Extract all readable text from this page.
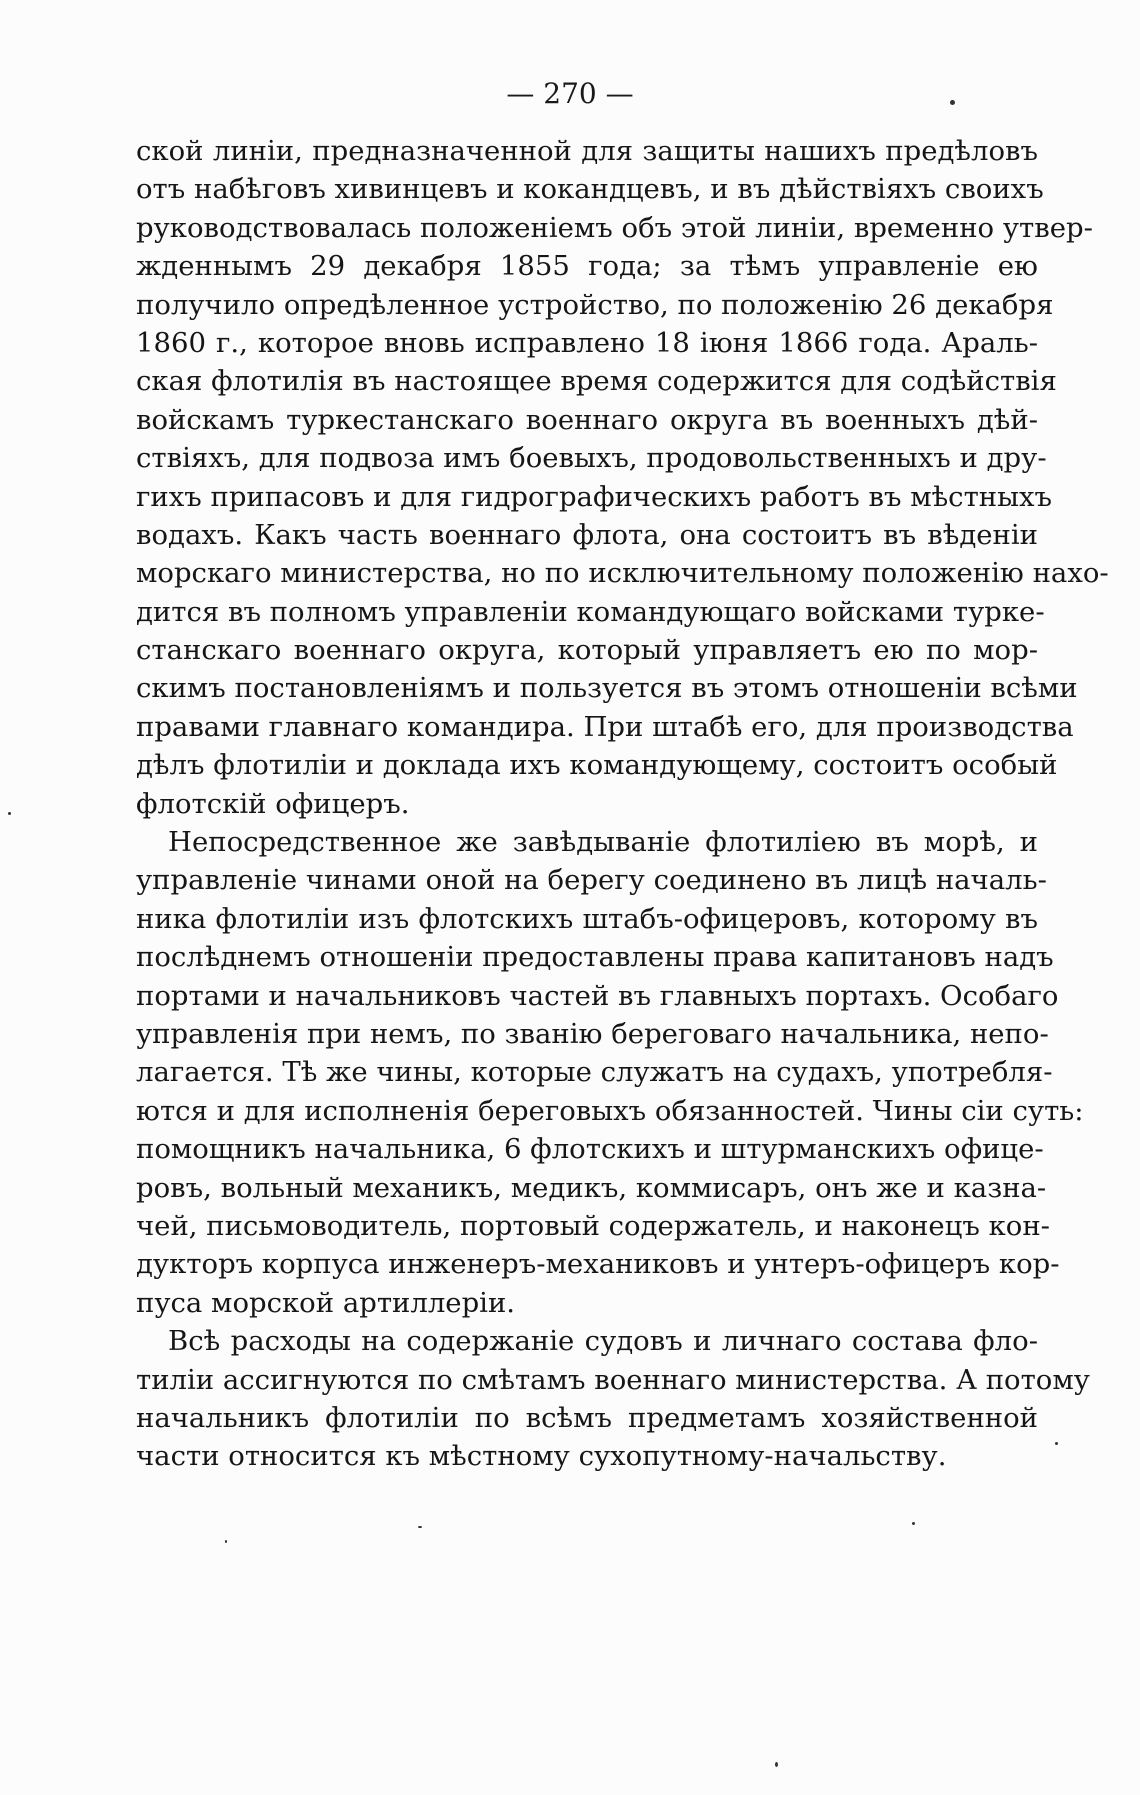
— 270 —
ской линіи, предназначенной для защиты нашихъ предѣловъ
отъ набѣговъ хивинцевъ и кокандцевъ, и въ дѣйствіяхъ своихъ
руководствовалась положеніемъ объ этой линіи, временно утвер-
жденнымъ 29 декабря 1855 года; за тѣмъ управленіе ею
получило опредѣленное устройство, по положенію 26 декабря
1860 г., которое вновь исправлено 18 іюня 1866 года. Араль-
ская флотилія въ настоящее время содержится для содѣйствія
войскамъ туркестанскаго военнаго округа въ военныхъ дѣй-
ствіяхъ, для подвоза имъ боевыхъ, продовольственныхъ и дру-
гихъ припасовъ и для гидрографическихъ работъ въ мѣстныхъ
водахъ. Какъ часть военнаго флота, она состоитъ въ вѣденіи
морскаго министерства, но по исключительному положенію нахо-
дится въ полномъ управленіи командующаго войсками туркe-
станскаго военнаго округа, который управляетъ ею по мор-
скимъ постановленіямъ и пользуется въ этомъ отношеніи всѣми
правами главнаго командира. При штабѣ его, для производства
дѣлъ флотиліи и доклада ихъ командующему, состоитъ особый
флотскій офицеръ.
Непосредственное же завѣдываніе флотиліею въ морѣ, и
управленіе чинами оной на берегу соединено въ лицѣ началь-
ника флотиліи изъ флотскихъ штабъ-офицеровъ, которому въ
послѣднемъ отношеніи предоставлены права капитановъ надъ
портами и начальниковъ частей въ главныхъ портахъ. Особаго
управленія при немъ, по званію береговаго начальника, непо-
лагается. Тѣ же чины, которые служатъ на судахъ, употребля-
ются и для исполненія береговыхъ обязанностей. Чины сіи суть:
помощникъ начальника, 6 флотскихъ и штурманскихъ офице-
ровъ, вольный механикъ, медикъ, коммисаръ, онъ же и казна-
чей, письмоводитель, портовый содержатель, и наконецъ кон-
дукторъ корпуса инженеръ-механиковъ и унтеръ-офицеръ кор-
пуса морской артиллеріи.
Всѣ расходы на содержаніе судовъ и личнаго состава фло-
тиліи ассигнуются по смѣтамъ военнаго министерства. А потому
начальникъ флотиліи по всѣмъ предметамъ хозяйственной
части относится къ мѣстному сухопутному-начальству.
